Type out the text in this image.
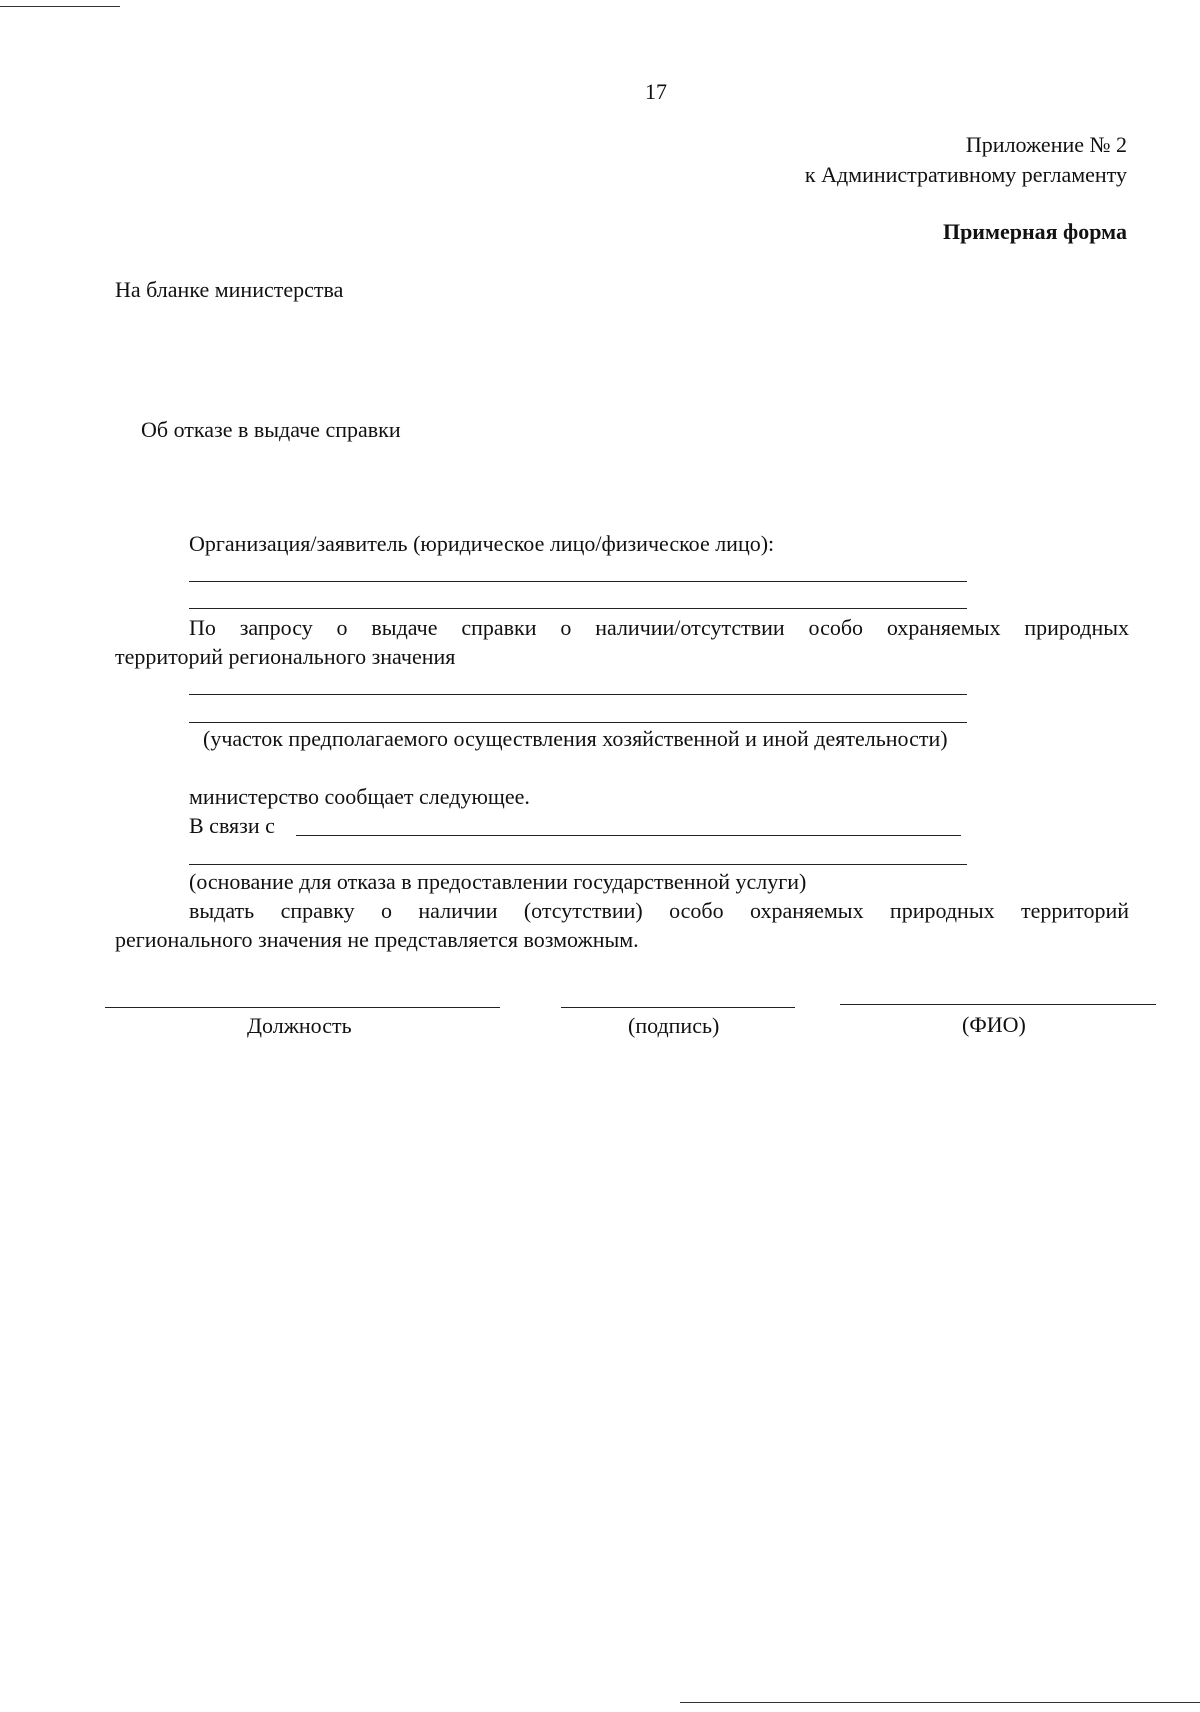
17
Приложение № 2
к Административному регламенту
Примерная форма
На бланке министерства
Об отказе в выдаче справки
Организация/заявитель (юридическое лицо/физическое лицо):
По запросу о выдаче справки о наличии/отсутствии особо охраняемых природных
территорий регионального значения
(участок предполагаемого осуществления хозяйственной и иной деятельности)
министерство сообщает следующее.
В связи с
(основание для отказа в предоставлении государственной услуги)
выдать справку о наличии (отсутствии) особо охраняемых природных территорий
регионального значения не представляется возможным.
Должность	(подпись)	(ФИО)
